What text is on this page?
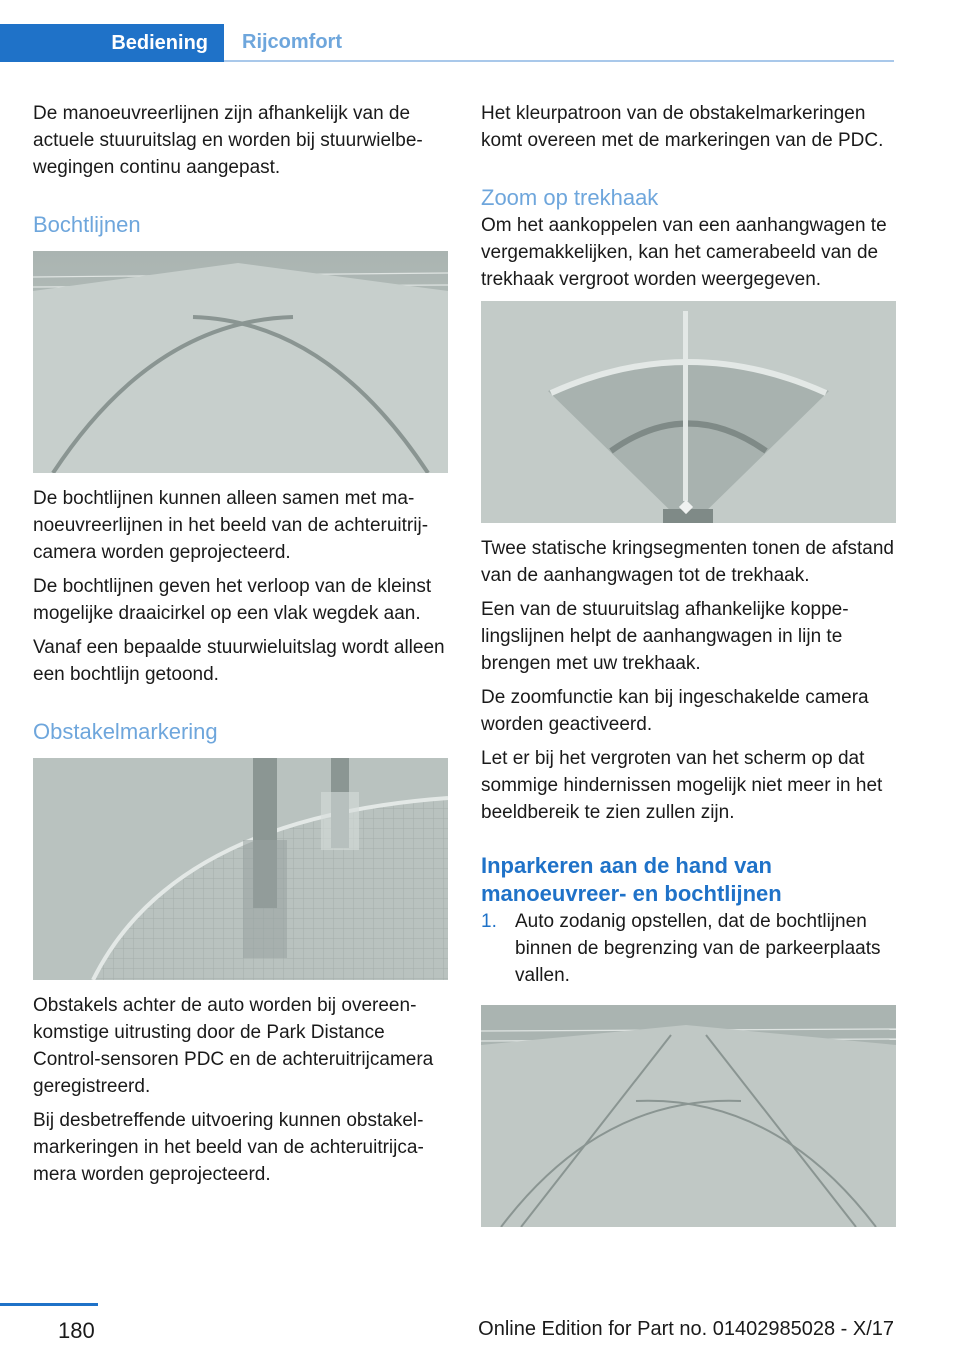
Bediening	Rijcomfort

De manoeuvreerlijnen zijn afhankelijk van de actuele stuuruitslag en worden bij stuurwielbewegingen continu aangepast.

Bochtlijnen

De bochtlijnen kunnen alleen samen met manoeuvreerlijnen in het beeld van de achteruitrijcamera worden geprojecteerd.

De bochtlijnen geven het verloop van de kleinst mogelijke draaicirkel op een vlak wegdek aan.

Vanaf een bepaalde stuurwieluitslag wordt alleen een bochtlijn getoond.

Obstakelmarkering

Obstakels achter de auto worden bij overeenkomstige uitrusting door de Park Distance Control-sensoren PDC en de achteruitrijcamera geregistreerd.

Bij desbetreffende uitvoering kunnen obstakelmarkeringen in het beeld van de achteruitrijcamera worden geprojecteerd.

Het kleurpatroon van de obstakelmarkeringen komt overeen met de markeringen van de PDC.

Zoom op trekhaak

Om het aankoppelen van een aanhangwagen te vergemakkelijken, kan het camerabeeld van de trekhaak vergroot worden weergegeven.

Twee statische kringsegmenten tonen de afstand van de aanhangwagen tot de trekhaak.

Een van de stuuruitslag afhankelijke koppelingslijnen helpt de aanhangwagen in lijn te brengen met uw trekhaak.

De zoomfunctie kan bij ingeschakelde camera worden geactiveerd.

Let er bij het vergroten van het scherm op dat sommige hindernissen mogelijk niet meer in het beeldbereik te zien zullen zijn.

Inparkeren aan de hand van manoeuvreer- en bochtlijnen
1. Auto zodanig opstellen, dat de bochtlijnen binnen de begrenzing van de parkeerplaats vallen.
180	Online Edition for Part no. 01402985028 - X/17
